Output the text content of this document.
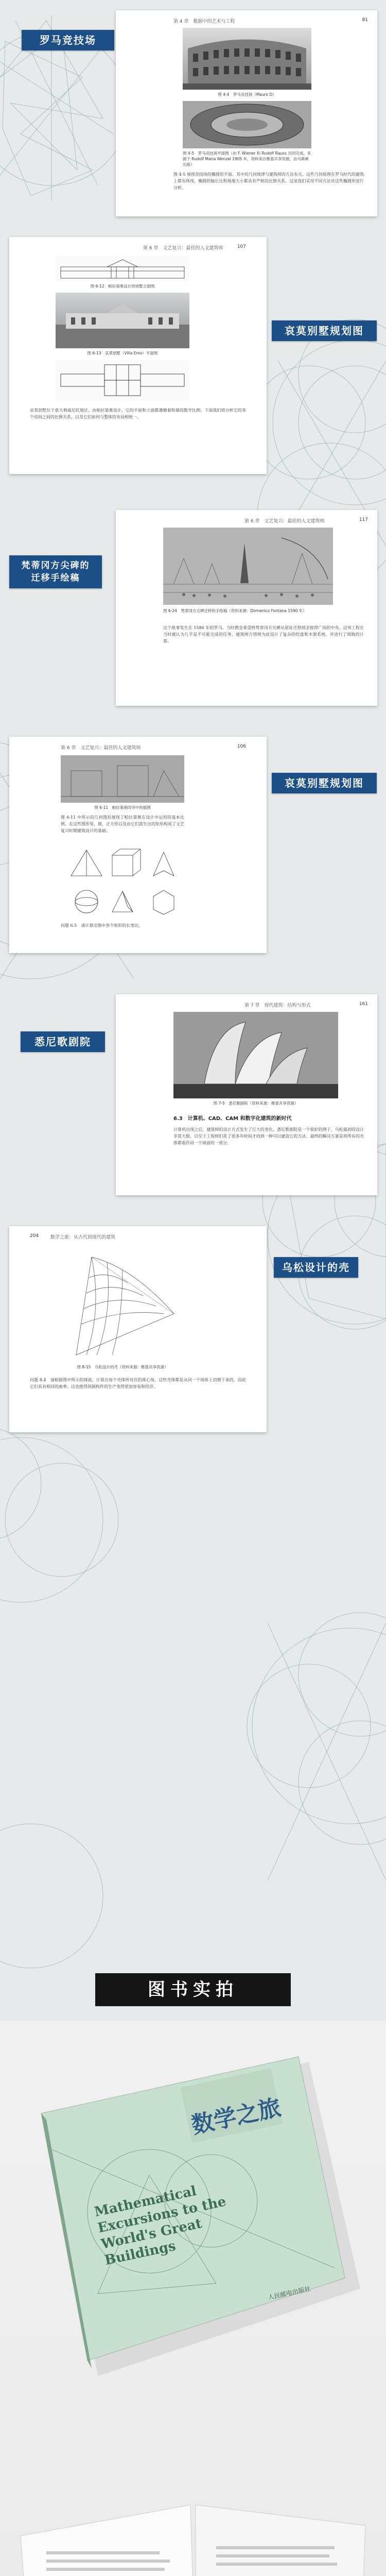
第 4 章　数据中的艺术与工程	81
图 4-4　罗马竞技场（Mauro D）
图 4-5　罗马竞技场平面图（由 F. Wiener 和 Rudolf Rauss 共同完成，来源于 Rudolf Maria Wenzel 1905 年，资料来自维基共享资源，由马斯顿出版）
图 4-5 展现竞技场的椭圆形平面。其中的几何规律与建筑师的方法有关。这些几何原理在罗马时代的建筑上都有体现，椭圆的轴长比和场地大小都具有严格的比例关系。这里我们采用不同方法对这些椭圆形进行分析。
罗马竞技场
第 6 章　文艺复兴：最佳的人文建筑师	107
图 6-12　帕拉第奥设计的别墅立面图
图 6-13　哀莫别墅（Villa Emo）平面图
哀莫别墅位于意大利威尼托地区，由帕拉第奥设计，它的平面和立面都遵循着和谐的数学比例。下面我们将分析它的各个房间之间的比例关系，以及它们如何与整体的布局相统一。
哀莫别墅规划图
第 6 章　文艺复兴：最佳的人文建筑师	117
图 6-24　梵蒂冈方尖碑迁移的手绘稿（资料来源：Domenico Fontana 1590 年）
这个故事发生在 1586 年的罗马。当时教皇希望将梵蒂冈方尖碑从原址迁移到圣彼得广场的中央。这项工程在当时被认为几乎是不可能完成的任务，建筑师方塔纳为此设计了复杂的绞盘和木架系统，并进行了细致的计算。
梵蒂冈方尖碑的
迁移手绘稿
第 6 章　文艺复兴：最佳的人文建筑师	106
图 6-11　帕拉第奥四书中的插图
图 6-11 中所示的几何图形展现了帕拉第奥在设计中运用的基本比例。在这些图形里，圆、正方形以及由它们派生出的矩形构成了文艺复兴时期建筑设计的基础。
问题 6.5　请计算出图中各个矩形的长宽比。
哀莫别墅规划图
第 7 章　现代建筑：结构与形式	161
图 7-5　悉尼歌剧院（资料来源：维基共享资源）
6.3　计算机、CAD、CAM 和数字化建筑的新时代
计算机出现之后，建筑师的设计方式发生了巨大的变化。悉尼歌剧院是一个很好的例子，乌松最初的设计非常大胆，以至于工程师们花了很多年时间才找到一种可以建造它的方法。最终的解决方案是将所有的壳体都看作同一个球面的一部分。
悉尼歌剧院
204	数学之旅：从古代到现代的建筑
图 8-15　乌松设计的壳（资料来源：维基共享资源）
问题 8.4　请根据图中所示的球面，计算出每个壳体所对应的球心角。这些壳体都是从同一个球体上切割下来的，因此它们具有相同的曲率。这也使得预制构件的生产变得更加容易和经济。
乌松设计的壳
图书实拍
数学之旅
Mathematical Excursions to the World's Great Buildings
人民邮电出版社
